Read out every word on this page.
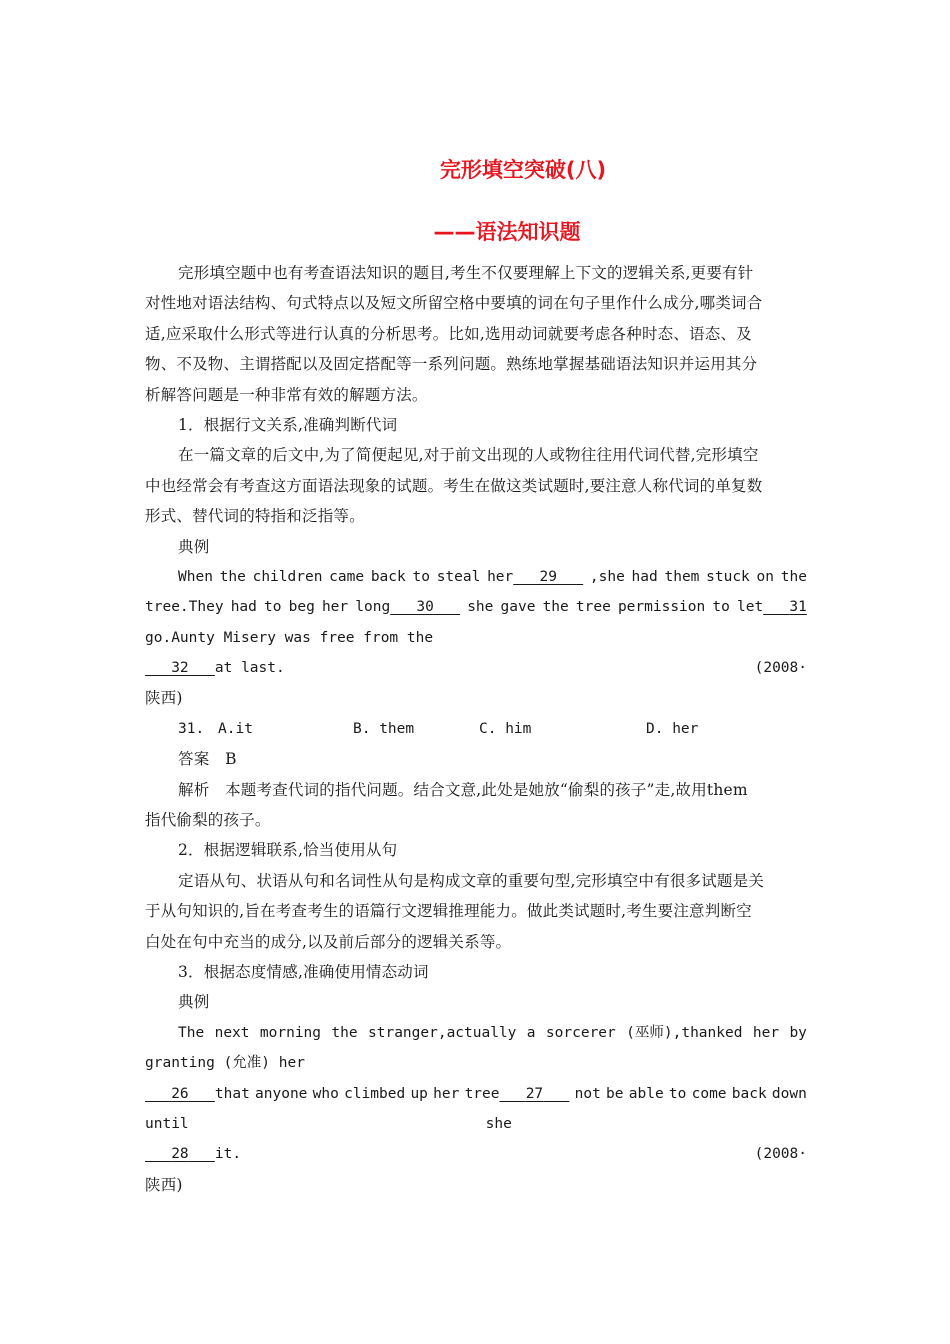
完形填空突破(八)
——语法知识题
完形填空题中也有考查语法知识的题目,考生不仅要理解上下文的逻辑关系,更要有针
对性地对语法结构、句式特点以及短文所留空格中要填的词在句子里作什么成分,哪类词合
适,应采取什么形式等进行认真的分析思考。比如,选用动词就要考虑各种时态、语态、及
物、不及物、主谓搭配以及固定搭配等一系列问题。熟练地掌握基础语法知识并运用其分
析解答问题是一种非常有效的解题方法。
1．根据行文关系,准确判断代词
在一篇文章的后文中,为了简便起见,对于前文出现的人或物往往用代词代替,完形填空
中也经常会有考查这方面语法现象的试题。考生在做这类试题时,要注意人称代词的单复数
形式、替代词的特指和泛指等。
典例
When the children came back to steal her 29	,she had them stuck on the
tree.They had to beg her long 30	she gave the tree permission to let 31
go.Aunty Misery was free from the
32 at last.	(2008·
陕西)
31. A.it	B. them	C. him	D. her
答案　B
解析　本题考查代词的指代问题。结合文意,此处是她放“偷梨的孩子”走,故用them
指代偷梨的孩子。
2．根据逻辑联系,恰当使用从句
定语从句、状语从句和名词性从句是构成文章的重要句型,完形填空中有很多试题是关
于从句知识的,旨在考查考生的语篇行文逻辑推理能力。做此类试题时,考生要注意判断空
白处在句中充当的成分,以及前后部分的逻辑关系等。
3．根据态度情感,准确使用情态动词
典例
The next morning the stranger,actually a sorcerer (巫师),thanked her by
granting (允准) her
26 that anyone who climbed up her tree 27	not be able to come back down
until	she
28 it.	(2008·
陕西)
